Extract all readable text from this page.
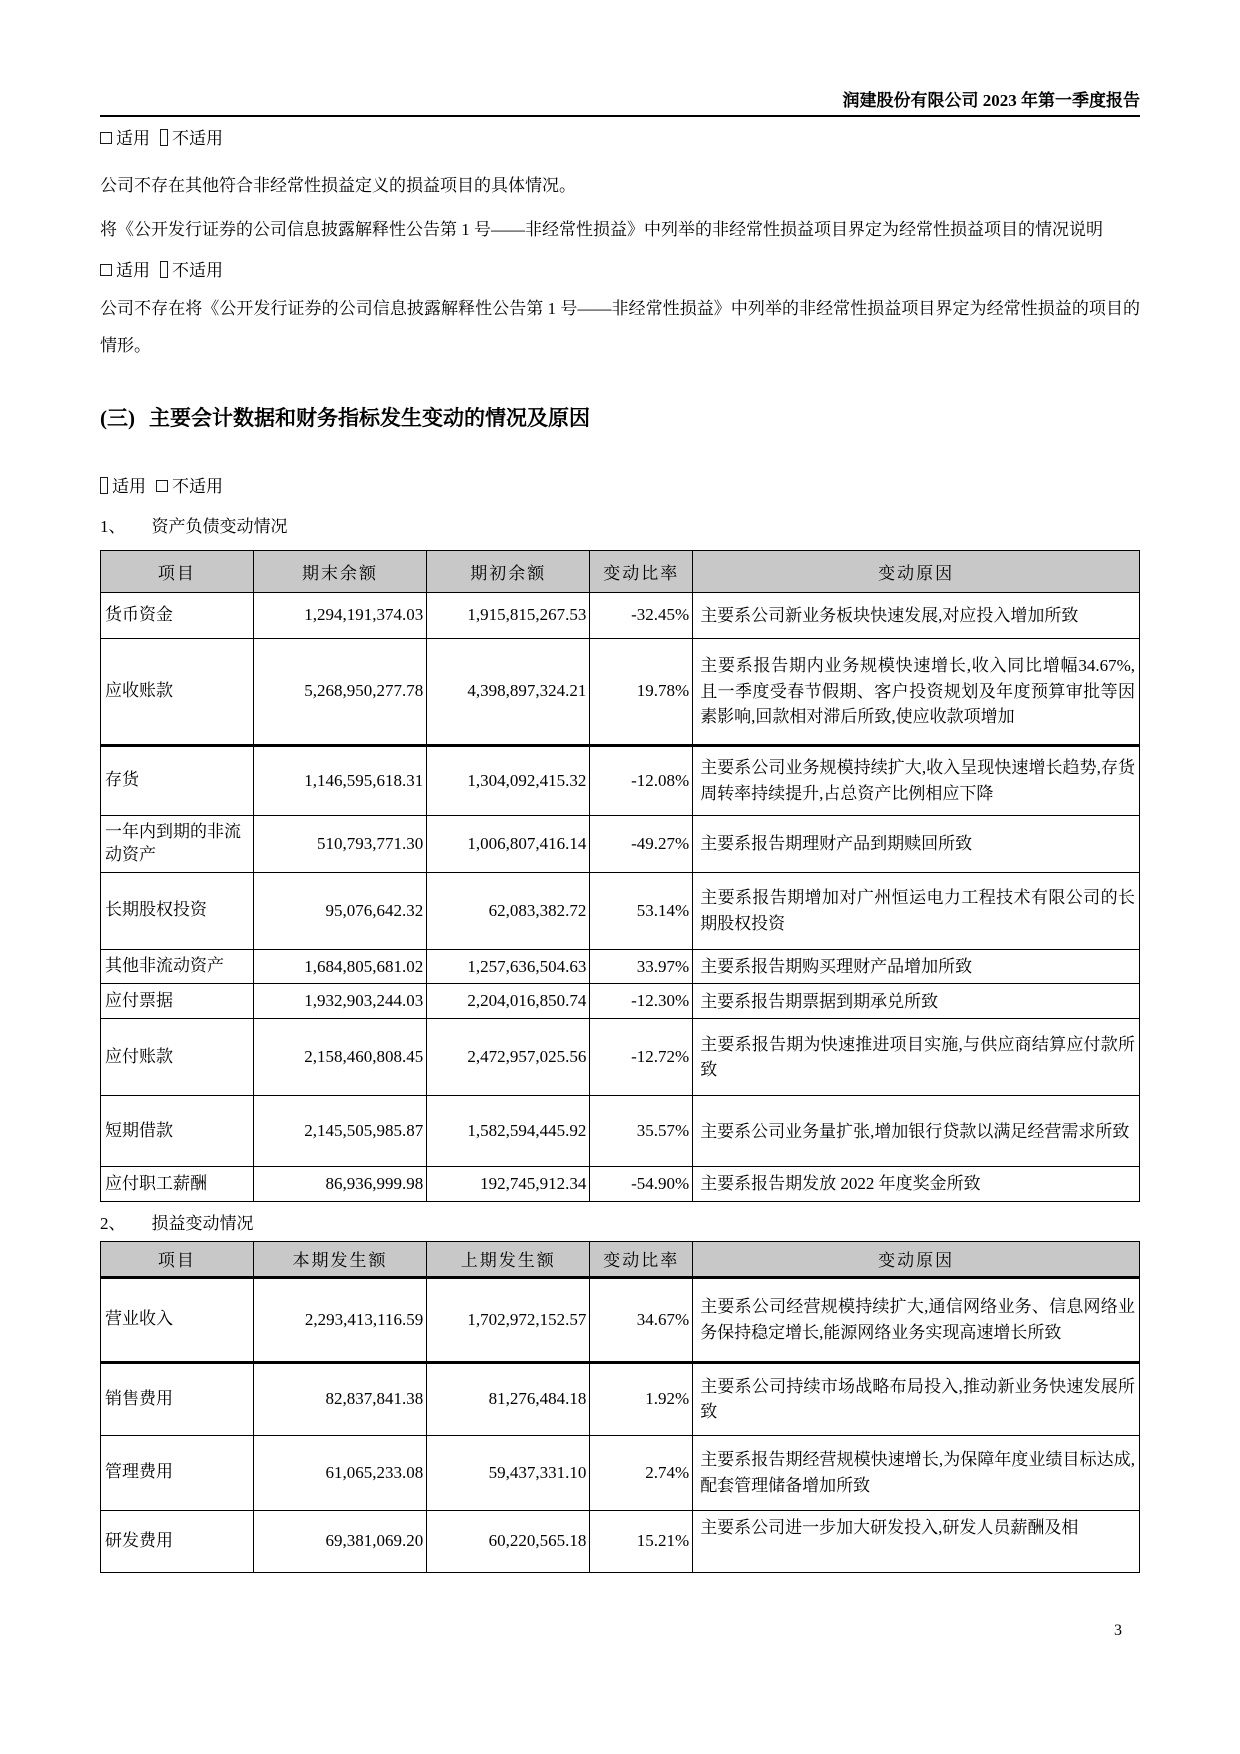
润建股份有限公司 2023 年第一季度报告
适用 不适用

公司不存在其他符合非经常性损益定义的损益项目的具体情况。

将《公开发行证券的公司信息披露解释性公告第 1 号——非经常性损益》中列举的非经常性损益项目界定为经常性损益项目的情况说明

适用 不适用

公司不存在将《公开发行证券的公司信息披露解释性公告第 1 号——非经常性损益》中列举的非经常性损益项目界定为经常性损益的项目的情形。

(三) 主要会计数据和财务指标发生变动的情况及原因
适用 不适用
1、 资产负债变动情况
项目	期末余额	期初余额	变动比率	变动原因
货币资金	1,294,191,374.03	1,915,815,267.53	-32.45%	主要系公司新业务板块快速发展,对应投入增加所致
应收账款	5,268,950,277.78	4,398,897,324.21	19.78%	主要系报告期内业务规模快速增长,收入同比增幅34.67%,且一季度受春节假期、客户投资规划及年度预算审批等因素影响,回款相对滞后所致,使应收款项增加
存货	1,146,595,618.31	1,304,092,415.32	-12.08%	主要系公司业务规模持续扩大,收入呈现快速增长趋势,存货周转率持续提升,占总资产比例相应下降
一年内到期的非流动资产	510,793,771.30	1,006,807,416.14	-49.27%	主要系报告期理财产品到期赎回所致
长期股权投资	95,076,642.32	62,083,382.72	53.14%	主要系报告期增加对广州恒运电力工程技术有限公司的长期股权投资
其他非流动资产	1,684,805,681.02	1,257,636,504.63	33.97%	主要系报告期购买理财产品增加所致
应付票据	1,932,903,244.03	2,204,016,850.74	-12.30%	主要系报告期票据到期承兑所致
应付账款	2,158,460,808.45	2,472,957,025.56	-12.72%	主要系报告期为快速推进项目实施,与供应商结算应付款所致
短期借款	2,145,505,985.87	1,582,594,445.92	35.57%	主要系公司业务量扩张,增加银行贷款以满足经营需求所致
应付职工薪酬	86,936,999.98	192,745,912.34	-54.90%	主要系报告期发放 2022 年度奖金所致
2、 损益变动情况
项目	本期发生额	上期发生额	变动比率	变动原因
营业收入	2,293,413,116.59	1,702,972,152.57	34.67%	主要系公司经营规模持续扩大,通信网络业务、信息网络业务保持稳定增长,能源网络业务实现高速增长所致
销售费用	82,837,841.38	81,276,484.18	1.92%	主要系公司持续市场战略布局投入,推动新业务快速发展所致
管理费用	61,065,233.08	59,437,331.10	2.74%	主要系报告期经营规模快速增长,为保障年度业绩目标达成,配套管理储备增加所致
研发费用	69,381,069.20	60,220,565.18	15.21%	主要系公司进一步加大研发投入,研发人员薪酬及相
3
